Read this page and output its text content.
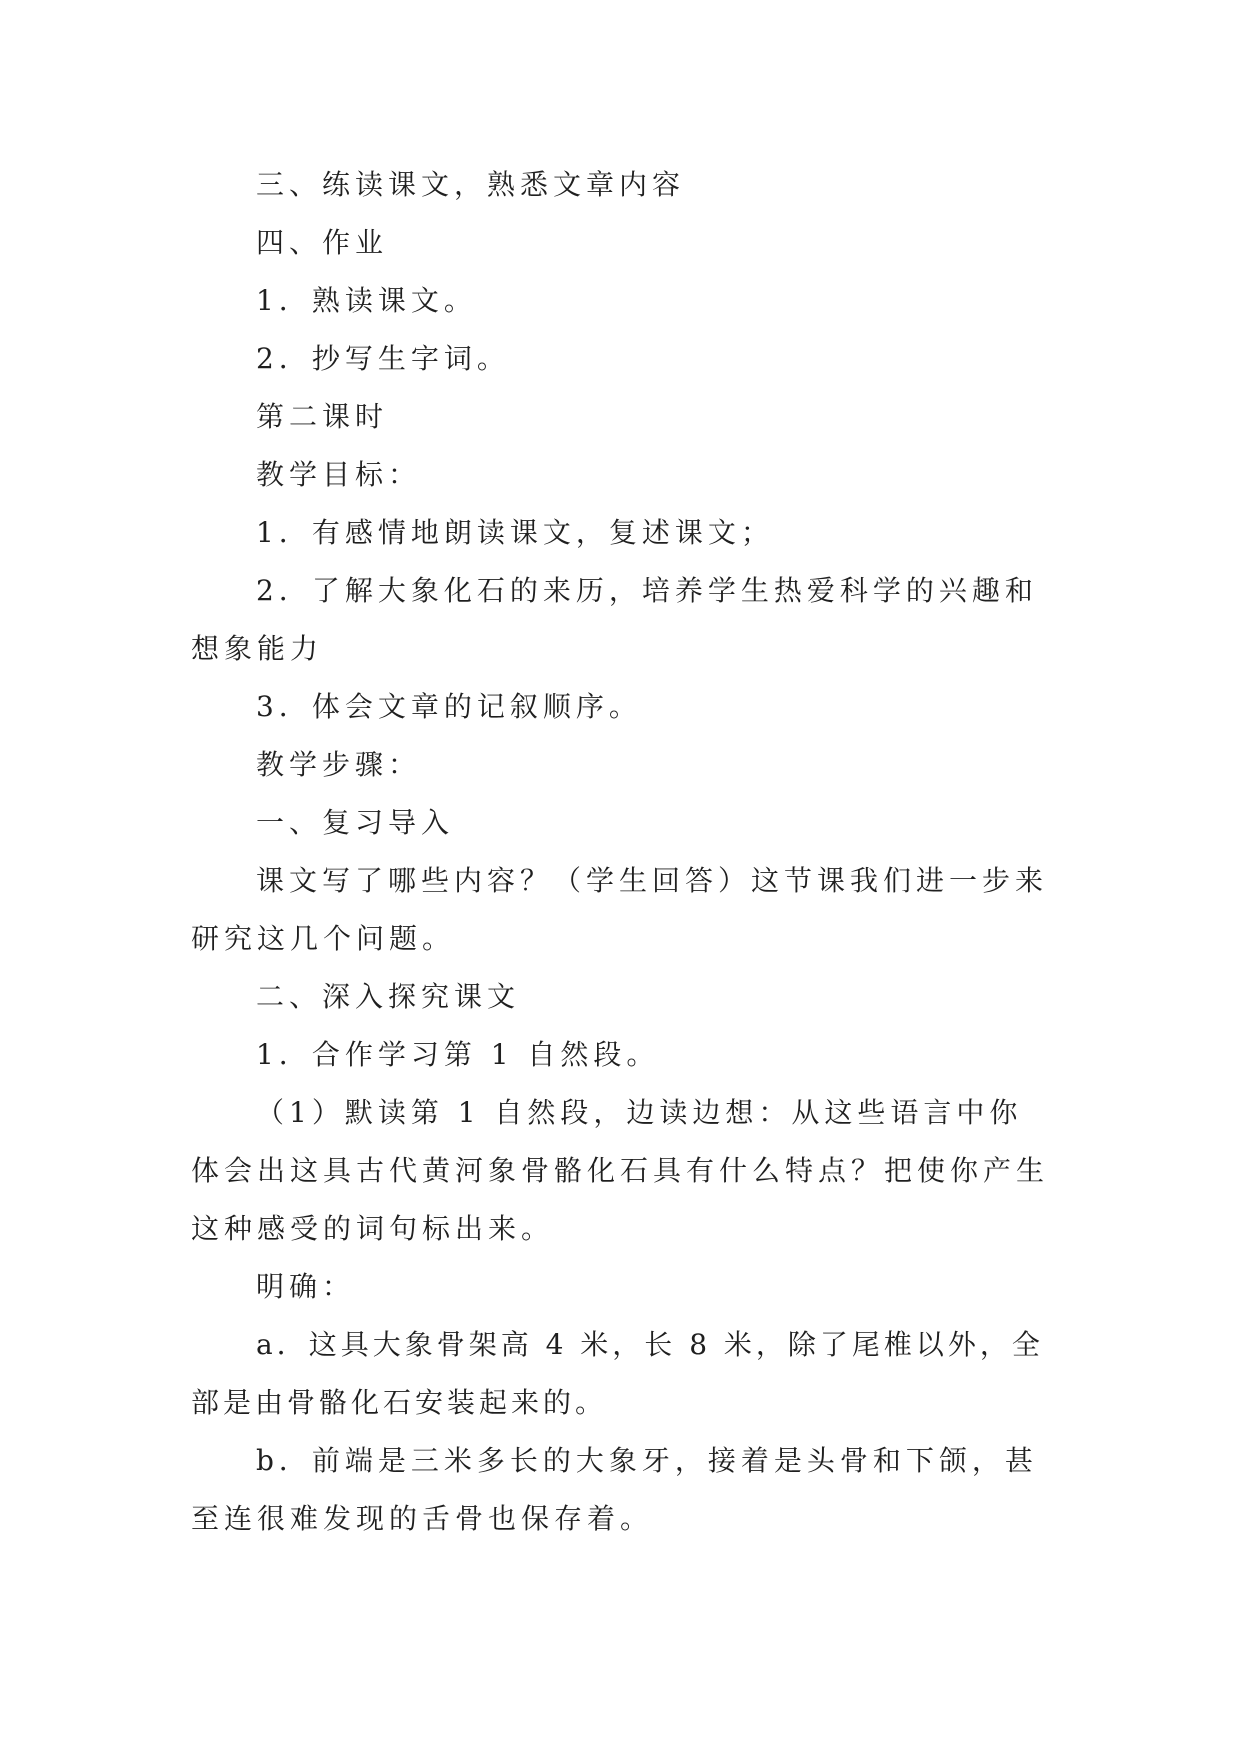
三、练读课文，熟悉文章内容

四、作业

1．熟读课文。

2．抄写生字词。

第二课时

教学目标：

1．有感情地朗读课文，复述课文；

2．了解大象化石的来历，培养学生热爱科学的兴趣和想象能力

3．体会文章的记叙顺序。

教学步骤：

一、复习导入

课文写了哪些内容？（学生回答）这节课我们进一步来研究这几个问题。

二、深入探究课文

1．合作学习第 1 自然段。

（1）默读第 1 自然段，边读边想：从这些语言中你体会出这具古代黄河象骨骼化石具有什么特点？把使你产生这种感受的词句标出来。

明确：

a．这具大象骨架高 4 米，长 8 米，除了尾椎以外，全部是由骨骼化石安装起来的。

b．前端是三米多长的大象牙，接着是头骨和下颌，甚至连很难发现的舌骨也保存着。
